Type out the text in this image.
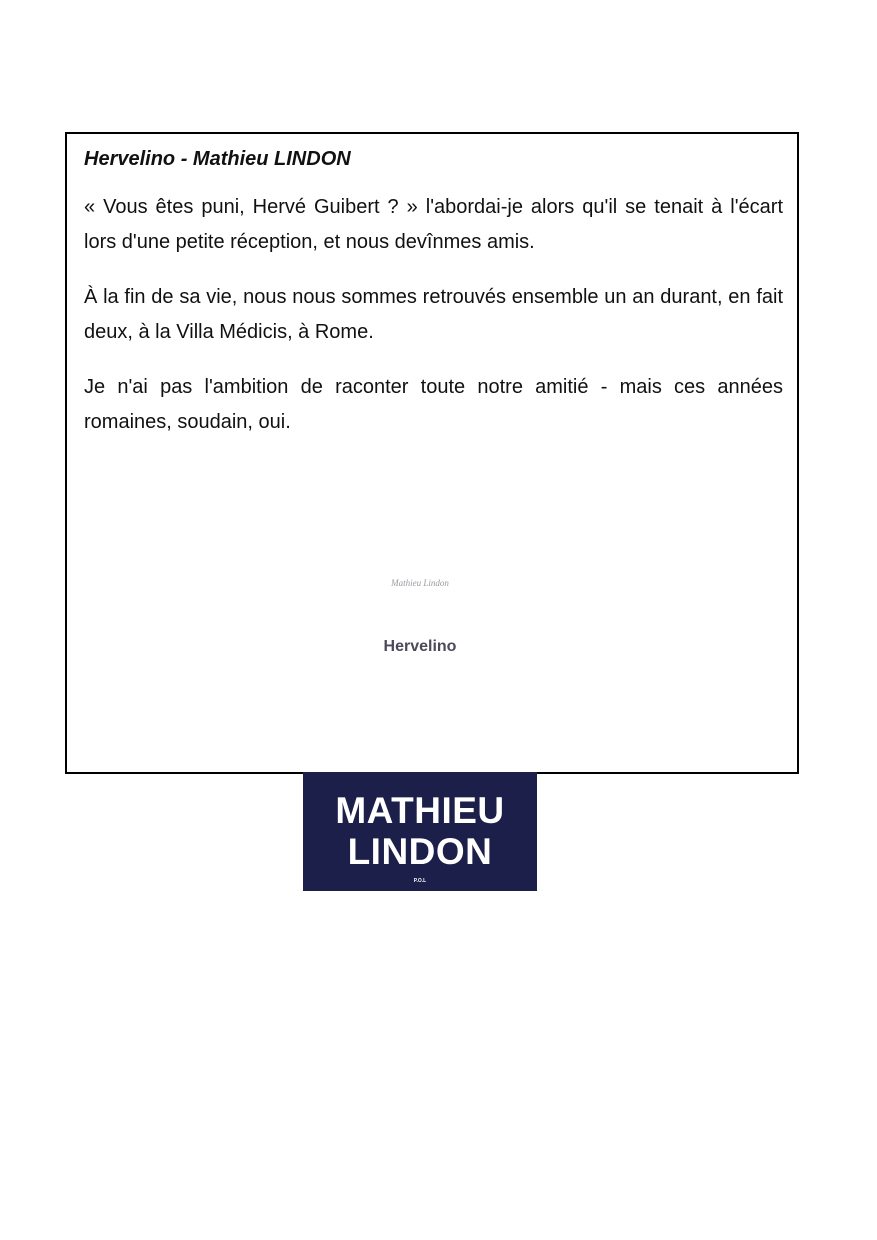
Hervelino - Mathieu LINDON

« Vous êtes puni, Hervé Guibert ? » l'abordai-je alors qu'il se tenait à l'écart lors d'une petite réception, et nous devînmes amis.

À la fin de sa vie, nous nous sommes retrouvés ensemble un an durant, en fait deux, à la Villa Médicis, à Rome.

Je n'ai pas l'ambition de raconter toute notre amitié - mais ces années romaines, soudain, oui.

Mathieu Lindon
Hervelino
MATHIEU
LINDON
P.O.L
